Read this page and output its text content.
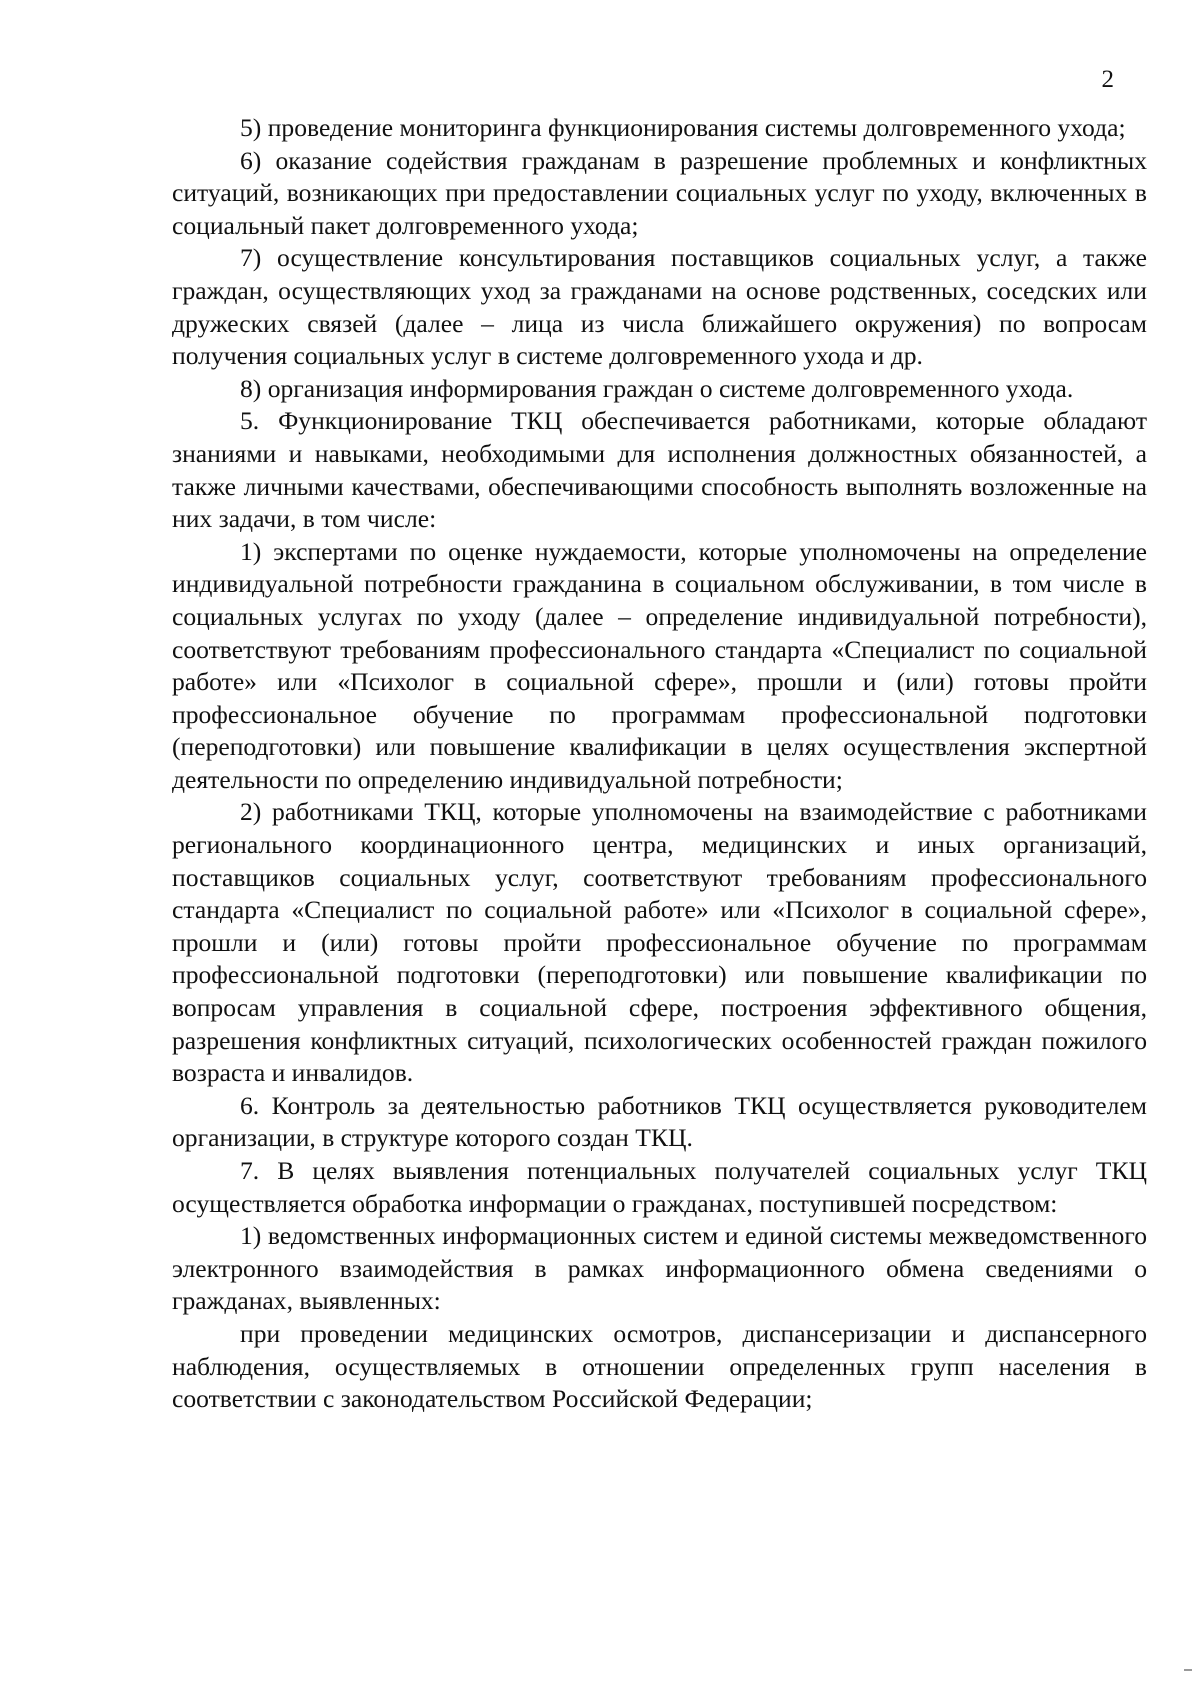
2

5) проведение мониторинга функционирования системы долговременного ухода;

6) оказание содействия гражданам в разрешение проблемных и конфликтных ситуаций, возникающих при предоставлении социальных услуг по уходу, включенных в социальный пакет долговременного ухода;

7) осуществление консультирования поставщиков социальных услуг, а также граждан, осуществляющих уход за гражданами на основе родственных, соседских или дружеских связей (далее – лица из числа ближайшего окружения) по вопросам получения социальных услуг в системе долговременного ухода и др.

8) организация информирования граждан о системе долговременного ухода.

5. Функционирование ТКЦ обеспечивается работниками, которые обладают знаниями и навыками, необходимыми для исполнения должностных обязанностей, а также личными качествами, обеспечивающими способность выполнять возложенные на них задачи, в том числе:

1) экспертами по оценке нуждаемости, которые уполномочены на определение индивидуальной потребности гражданина в социальном обслуживании, в том числе в социальных услугах по уходу (далее – определение индивидуальной потребности), соответствуют требованиям профессионального стандарта «Специалист по социальной работе» или «Психолог в социальной сфере», прошли и (или) готовы пройти профессиональное обучение по программам профессиональной подготовки (переподготовки) или повышение квалификации в целях осуществления экспертной деятельности по определению индивидуальной потребности;

2) работниками ТКЦ, которые уполномочены на взаимодействие с работниками регионального координационного центра, медицинских и иных организаций, поставщиков социальных услуг, соответствуют требованиям профессионального стандарта «Специалист по социальной работе» или «Психолог в социальной сфере», прошли и (или) готовы пройти профессиональное обучение по программам профессиональной подготовки (переподготовки) или повышение квалификации по вопросам управления в социальной сфере, построения эффективного общения, разрешения конфликтных ситуаций, психологических особенностей граждан пожилого возраста и инвалидов.

6. Контроль за деятельностью работников ТКЦ осуществляется руководителем организации, в структуре которого создан ТКЦ.

7. В целях выявления потенциальных получателей социальных услуг ТКЦ осуществляется обработка информации о гражданах, поступившей посредством:

1) ведомственных информационных систем и единой системы межведомственного электронного взаимодействия в рамках информационного обмена сведениями о гражданах, выявленных:

при проведении медицинских осмотров, диспансеризации и диспансерного наблюдения, осуществляемых в отношении определенных групп населения в соответствии с законодательством Российской Федерации;
